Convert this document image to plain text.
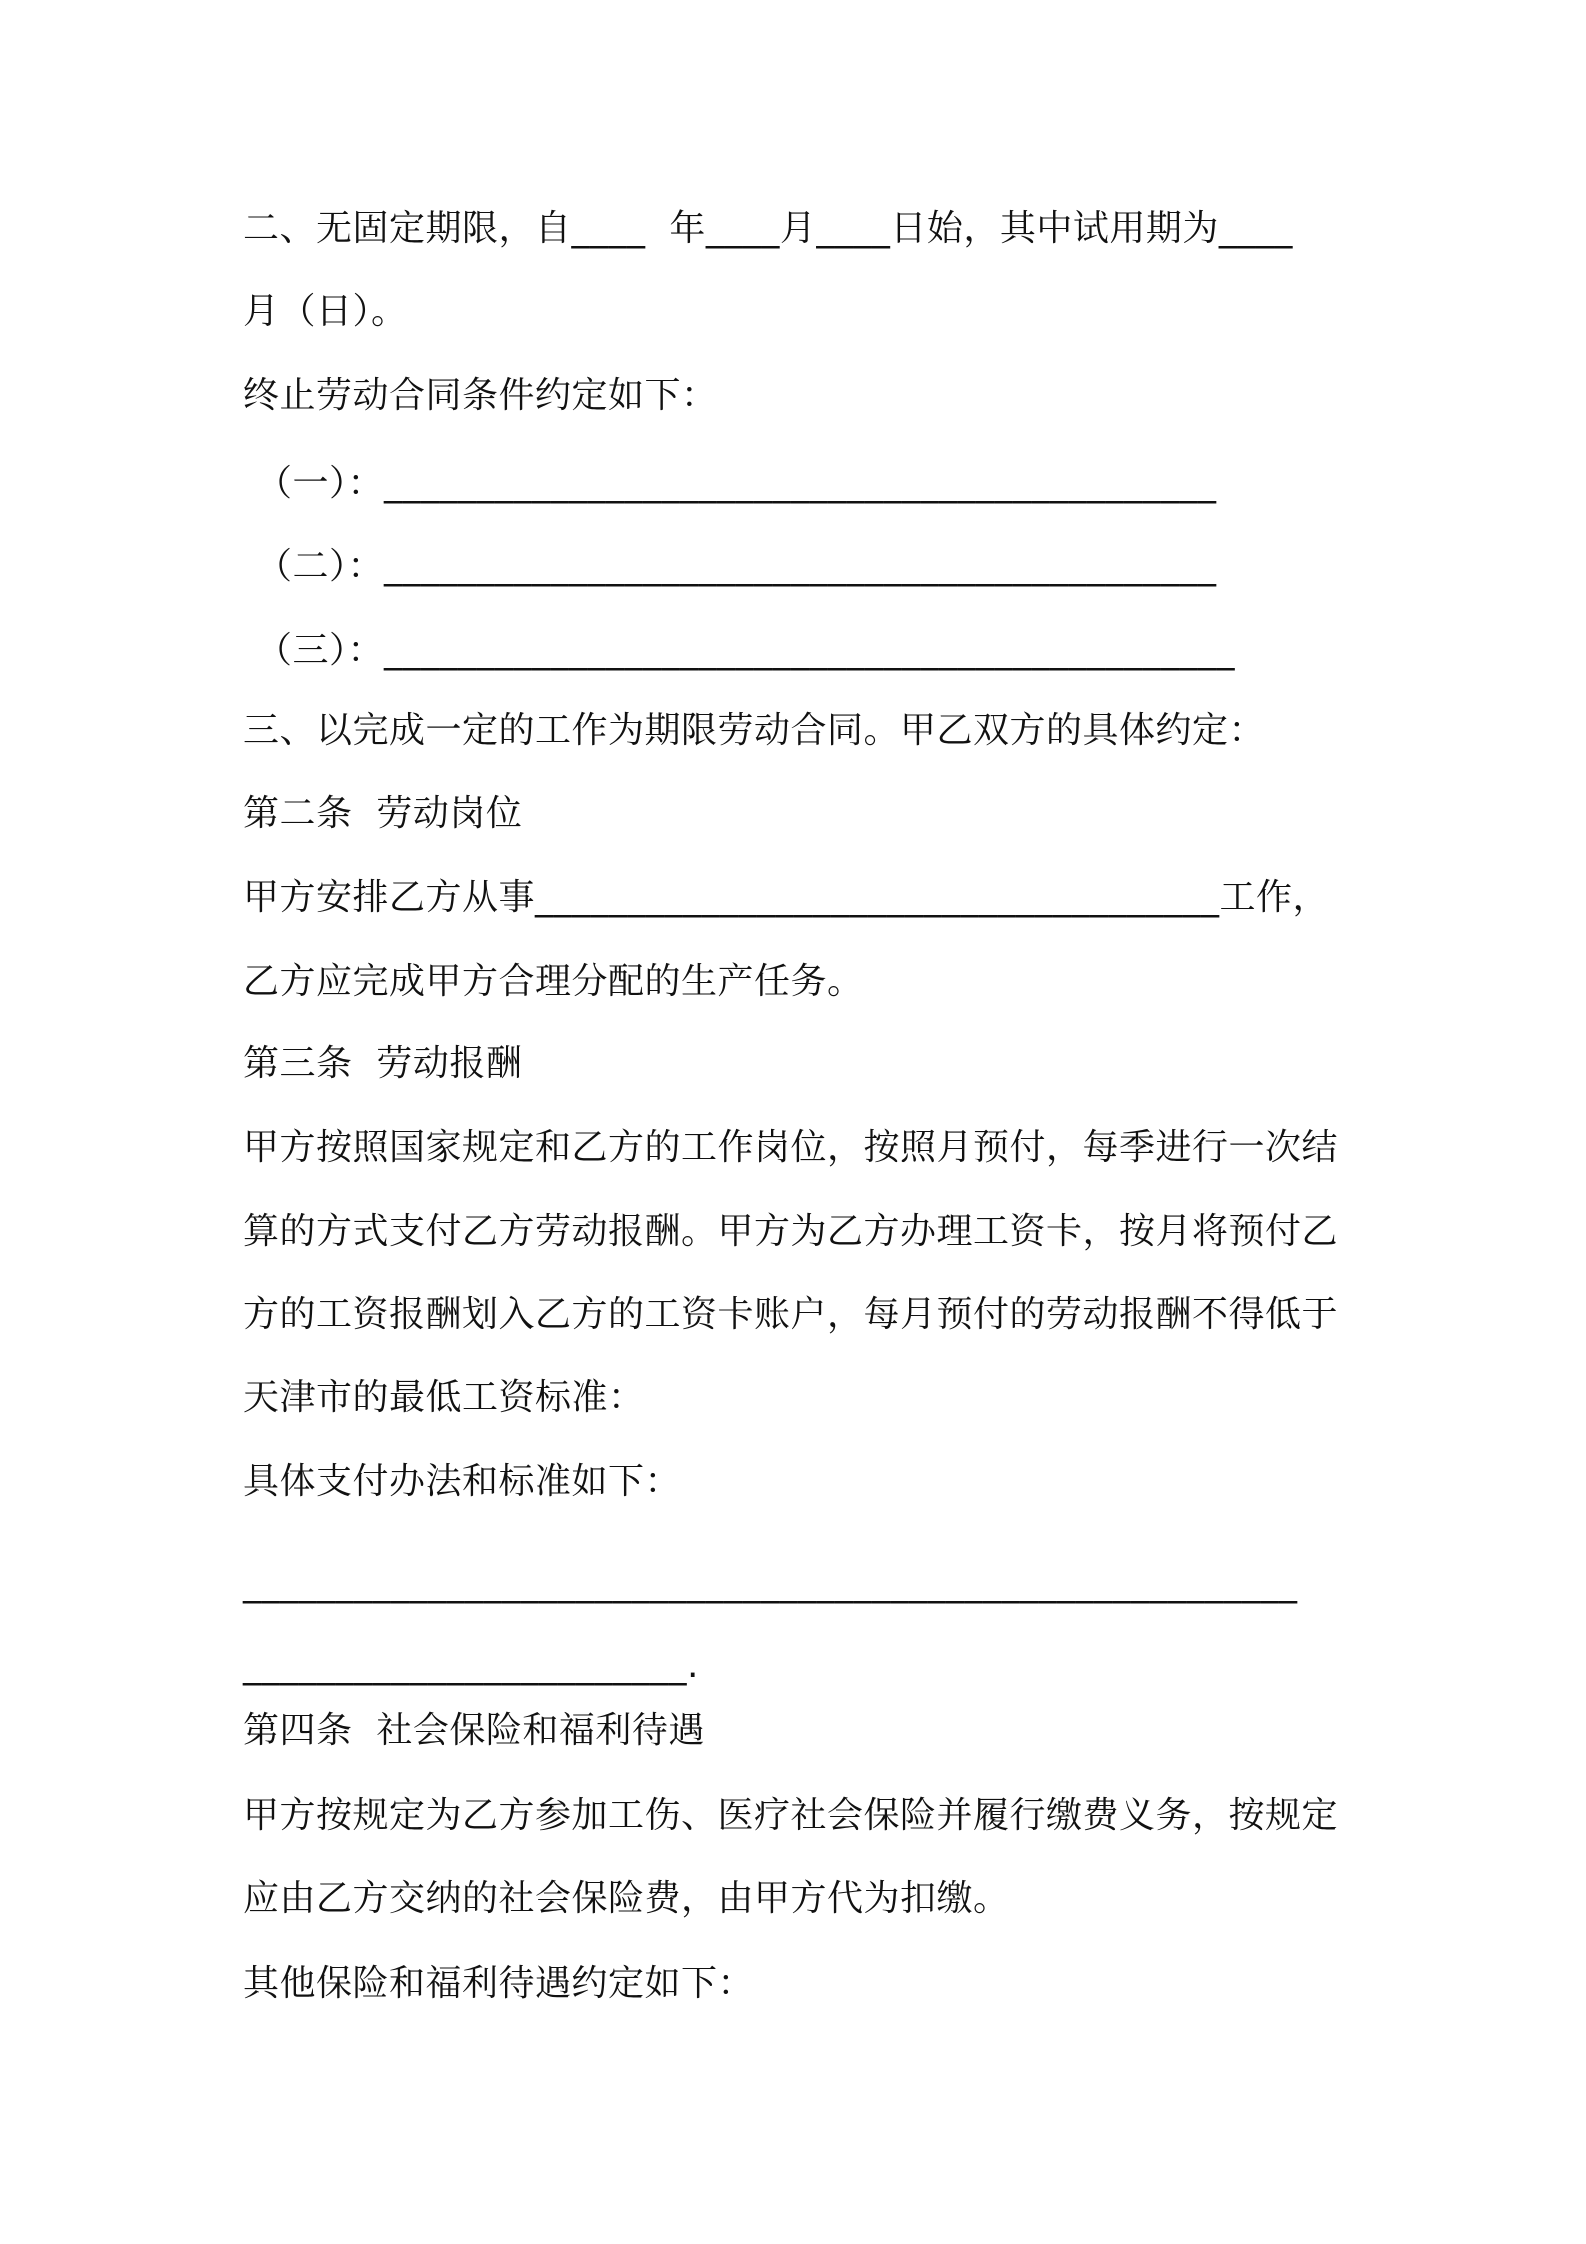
二、无固定期限，自____  年____月____日始，其中试用期为____
月（日）。
终止劳动合同条件约定如下：
（一）：_____________________________________________
（二）：_____________________________________________
（三）：______________________________________________
三、以完成一定的工作为期限劳动合同。甲乙双方的具体约定：
第二条  劳动岗位
甲方安排乙方从事_____________________________________工作，
乙方应完成甲方合理分配的生产任务。
第三条  劳动报酬
甲方按照国家规定和乙方的工作岗位，按照月预付，每季进行一次结
算的方式支付乙方劳动报酬。甲方为乙方办理工资卡，按月将预付乙
方的工资报酬划入乙方的工资卡账户，每月预付的劳动报酬不得低于
天津市的最低工资标准：
具体支付办法和标准如下：
_________________________________________________________
________________________.
第四条  社会保险和福利待遇
甲方按规定为乙方参加工伤、医疗社会保险并履行缴费义务，按规定
应由乙方交纳的社会保险费，由甲方代为扣缴。
其他保险和福利待遇约定如下：
